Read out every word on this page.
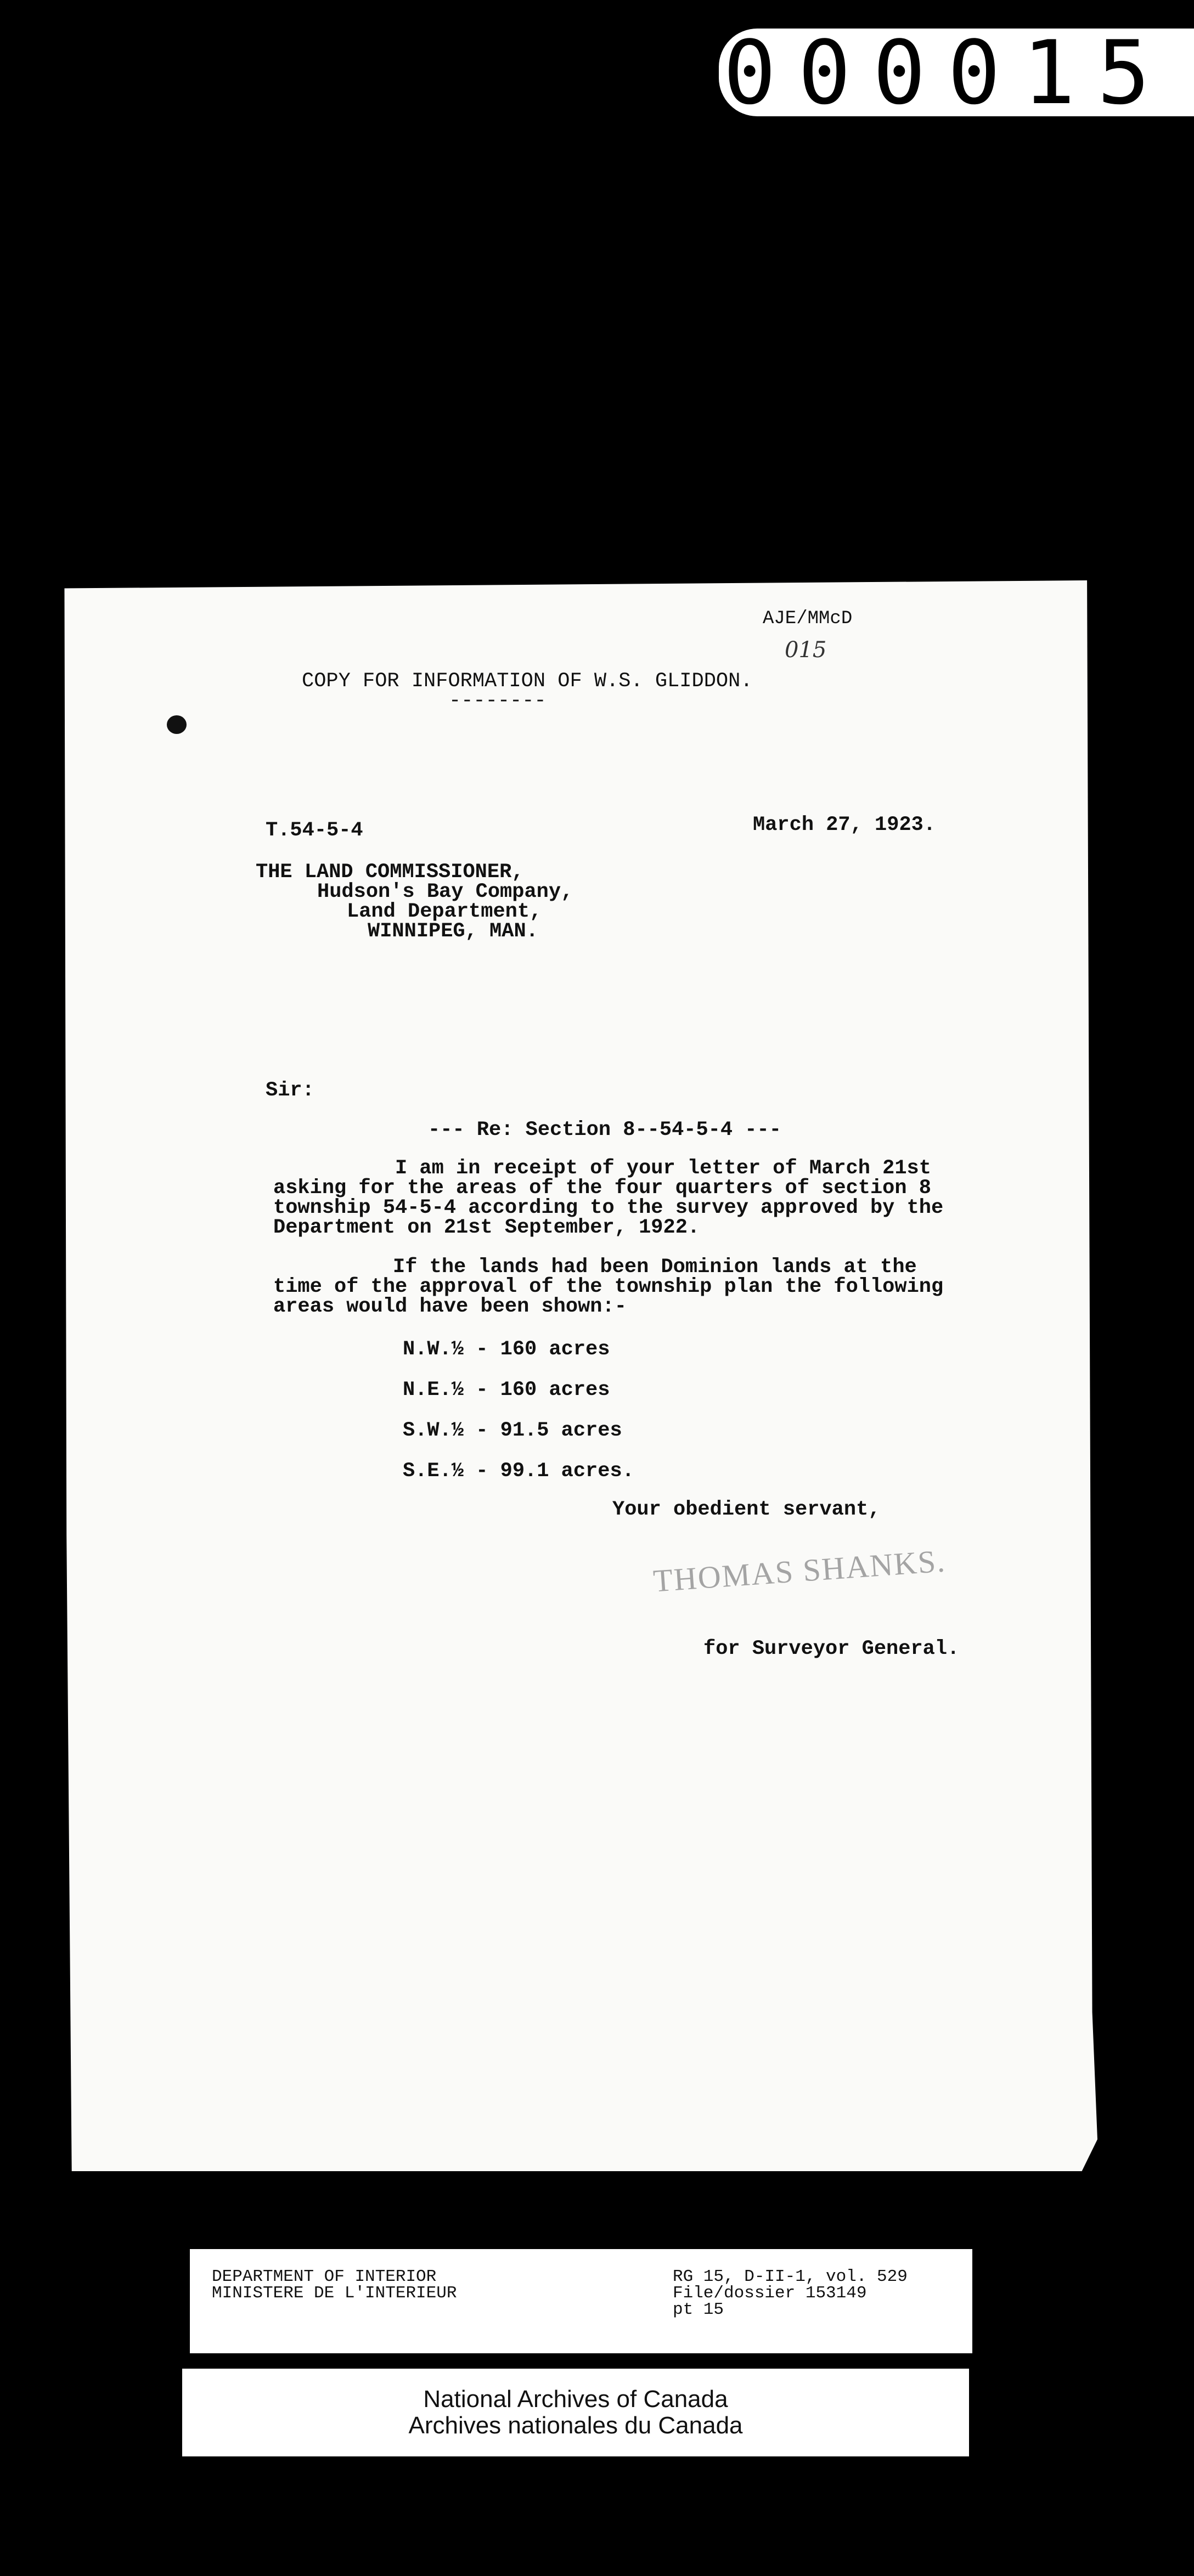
000015
AJE/MMcD
015
COPY FOR INFORMATION OF W.S. GLIDDON.
--------
T.54-5-4	March 27, 1923.
THE LAND COMMISSIONER,
Hudson's Bay Company,
Land Department,
WINNIPEG, MAN.
Sir:
--- Re: Section 8--54-5-4 ---
I am in receipt of your letter of March 21st
asking for the areas of the four quarters of section 8
township 54-5-4 according to the survey approved by the
Department on 21st September, 1922.
If the lands had been Dominion lands at the
time of the approval of the township plan the following
areas would have been shown:-
N.W.½ - 160 acres
N.E.½ - 160 acres
S.W.½ - 91.5 acres
S.E.½ - 99.1 acres.
Your obedient servant,
THOMAS SHANKS.
for Surveyor General.
DEPARTMENT OF INTERIOR
MINISTERE DE L'INTERIEUR
RG 15, D-II-1, vol. 529
File/dossier 153149
pt 15
National Archives of Canada
Archives nationales du Canada
